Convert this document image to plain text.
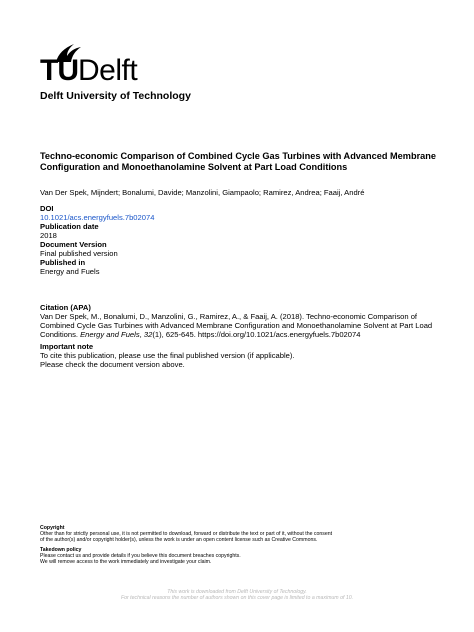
TUDelft
Delft University of Technology
Techno-economic Comparison of Combined Cycle Gas Turbines with Advanced Membrane Configuration and Monoethanolamine Solvent at Part Load Conditions
Van Der Spek, Mijndert; Bonalumi, Davide; Manzolini, Giampaolo; Ramirez, Andrea; Faaij, André
DOI
10.1021/acs.energyfuels.7b02074
Publication date
2018
Document Version
Final published version
Published in
Energy and Fuels
Citation (APA)
Van Der Spek, M., Bonalumi, D., Manzolini, G., Ramirez, A., & Faaij, A. (2018). Techno-economic Comparison of Combined Cycle Gas Turbines with Advanced Membrane Configuration and Monoethanolamine Solvent at Part Load Conditions. Energy and Fuels, 32(1), 625-645. https://doi.org/10.1021/acs.energyfuels.7b02074
Important note
To cite this publication, please use the final published version (if applicable).
Please check the document version above.
Copyright
Other than for strictly personal use, it is not permitted to download, forward or distribute the text or part of it, without the consent
of the author(s) and/or copyright holder(s), unless the work is under an open content license such as Creative Commons.
Takedown policy
Please contact us and provide details if you believe this document breaches copyrights.
We will remove access to the work immediately and investigate your claim.
This work is downloaded from Delft University of Technology.
For technical reasons the number of authors shown on this cover page is limited to a maximum of 10.
